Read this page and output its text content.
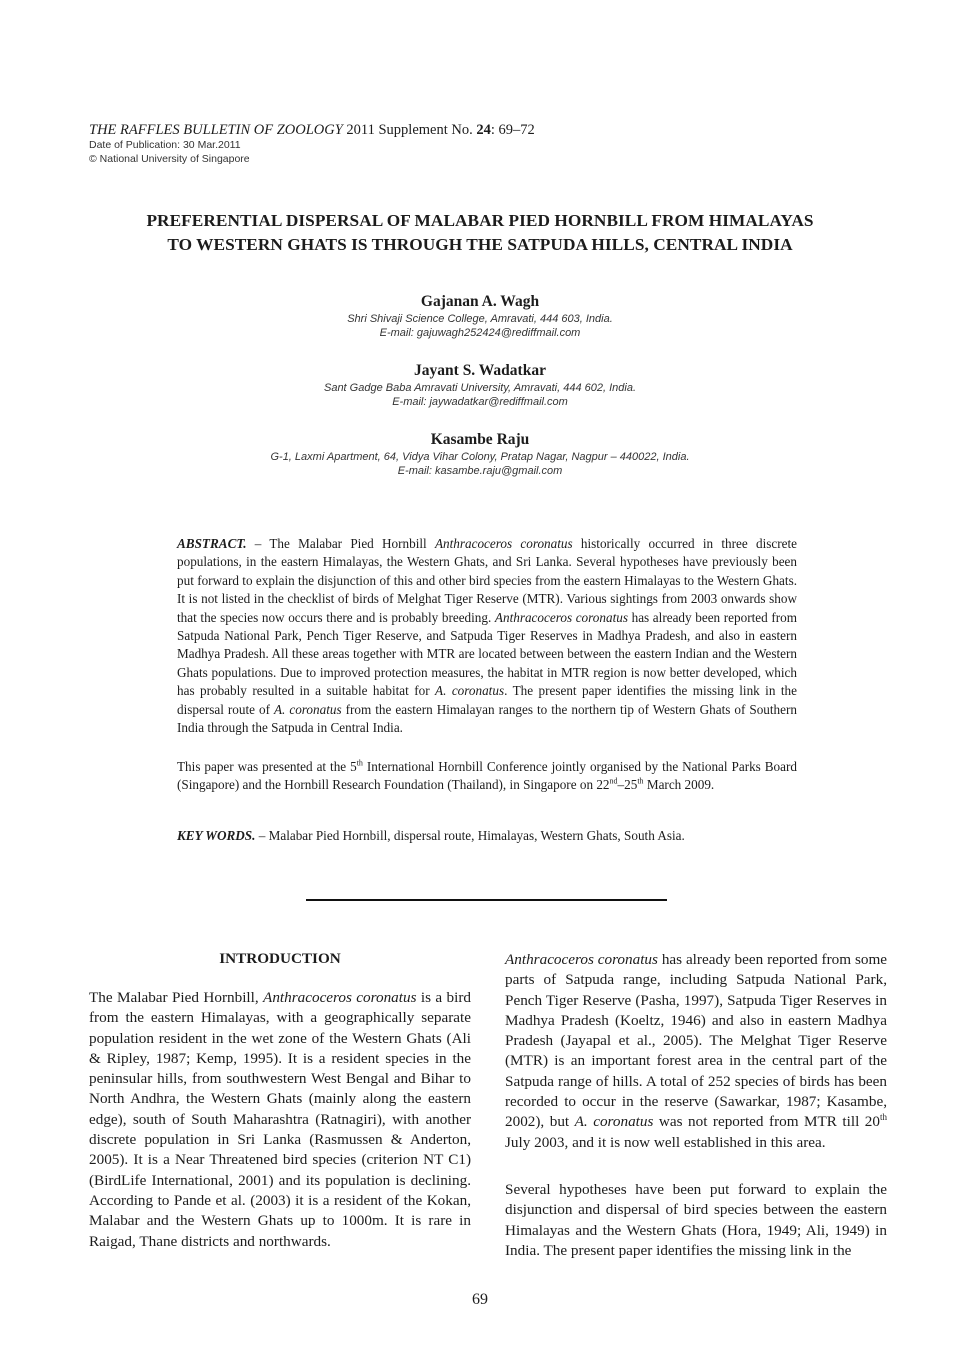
THE RAFFLES BULLETIN OF ZOOLOGY 2011 Supplement No. 24: 69–72
Date of Publication: 30 Mar.2011
© National University of Singapore
PREFERENTIAL DISPERSAL OF MALABAR PIED HORNBILL FROM HIMALAYAS
TO WESTERN GHATS IS THROUGH THE SATPUDA HILLS, CENTRAL INDIA
Gajanan A. Wagh
Shri Shivaji Science College, Amravati, 444 603, India.
E-mail: gajuwagh252424@rediffmail.com
Jayant S. Wadatkar
Sant Gadge Baba Amravati University, Amravati, 444 602, India.
E-mail: jaywadatkar@rediffmail.com
Kasambe Raju
G-1, Laxmi Apartment, 64, Vidya Vihar Colony, Pratap Nagar, Nagpur – 440022, India.
E-mail: kasambe.raju@gmail.com
ABSTRACT. – The Malabar Pied Hornbill Anthracoceros coronatus historically occurred in three discrete populations, in the eastern Himalayas, the Western Ghats, and Sri Lanka. Several hypotheses have previously been put forward to explain the disjunction of this and other bird species from the eastern Himalayas to the Western Ghats. It is not listed in the checklist of birds of Melghat Tiger Reserve (MTR). Various sightings from 2003 onwards show that the species now occurs there and is probably breeding. Anthracoceros coronatus has already been reported from Satpuda National Park, Pench Tiger Reserve, and Satpuda Tiger Reserves in Madhya Pradesh, and also in eastern Madhya Pradesh. All these areas together with MTR are located between between the eastern Indian and the Western Ghats populations. Due to improved protection measures, the habitat in MTR region is now better developed, which has probably resulted in a suitable habitat for A. coronatus. The present paper identifies the missing link in the dispersal route of A. coronatus from the eastern Himalayan ranges to the northern tip of Western Ghats of Southern India through the Satpuda in Central India.
This paper was presented at the 5th International Hornbill Conference jointly organised by the National Parks Board (Singapore) and the Hornbill Research Foundation (Thailand), in Singapore on 22nd–25th March 2009.
KEY WORDS. – Malabar Pied Hornbill, dispersal route, Himalayas, Western Ghats, South Asia.
INTRODUCTION
The Malabar Pied Hornbill, Anthracoceros coronatus is a bird from the eastern Himalayas, with a geographically separate population resident in the wet zone of the Western Ghats (Ali & Ripley, 1987; Kemp, 1995). It is a resident species in the peninsular hills, from southwestern West Bengal and Bihar to North Andhra, the Western Ghats (mainly along the eastern edge), south of South Maharashtra (Ratnagiri), with another discrete population in Sri Lanka (Rasmussen & Anderton, 2005). It is a Near Threatened bird species (criterion NT C1) (BirdLife International, 2001) and its population is declining. According to Pande et al. (2003) it is a resident of the Kokan, Malabar and the Western Ghats up to 1000m. It is rare in Raigad, Thane districts and northwards.
Anthracoceros coronatus has already been reported from some parts of Satpuda range, including Satpuda National Park, Pench Tiger Reserve (Pasha, 1997), Satpuda Tiger Reserves in Madhya Pradesh (Koeltz, 1946) and also in eastern Madhya Pradesh (Jayapal et al., 2005). The Melghat Tiger Reserve (MTR) is an important forest area in the central part of the Satpuda range of hills. A total of 252 species of birds has been recorded to occur in the reserve (Sawarkar, 1987; Kasambe, 2002), but A. coronatus was not reported from MTR till 20th July 2003, and it is now well established in this area.
Several hypotheses have been put forward to explain the disjunction and dispersal of bird species between the eastern Himalayas and the Western Ghats (Hora, 1949; Ali, 1949) in India. The present paper identifies the missing link in the
69
